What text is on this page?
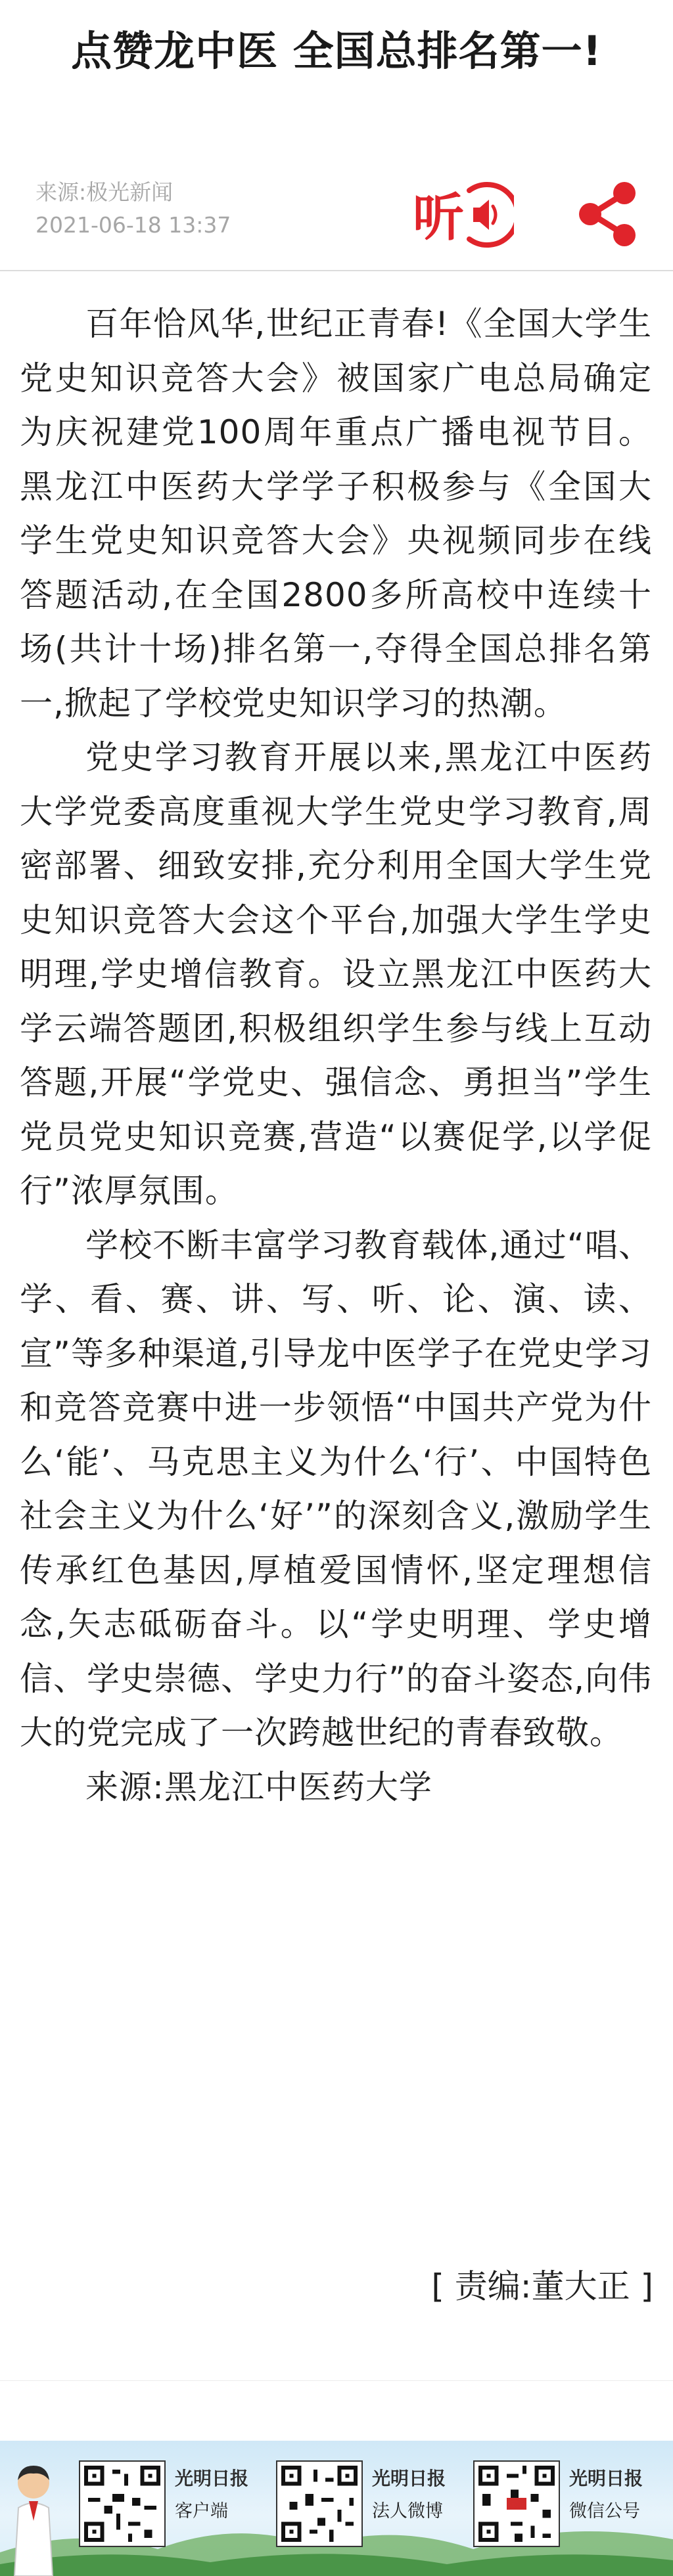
点赞龙中医 全国总排名第一!
来源:极光新闻
2021-06-18 13:37	听

百年恰风华,世纪正青春!《全国大学生党史知识竞答大会》被国家广电总局确定为庆祝建党100周年重点广播电视节目。黑龙江中医药大学学子积极参与《全国大学生党史知识竞答大会》央视频同步在线答题活动,在全国2800多所高校中连续十场(共计十场)排名第一,夺得全国总排名第一,掀起了学校党史知识学习的热潮。

党史学习教育开展以来,黑龙江中医药大学党委高度重视大学生党史学习教育,周密部署、细致安排,充分利用全国大学生党史知识竞答大会这个平台,加强大学生学史明理,学史增信教育。设立黑龙江中医药大学云端答题团,积极组织学生参与线上互动答题,开展“学党史、强信念、勇担当”学生党员党史知识竞赛,营造“以赛促学,以学促行”浓厚氛围。

学校不断丰富学习教育载体,通过“唱、学、看、赛、讲、写、听、论、演、读、宣”等多种渠道,引导龙中医学子在党史学习和竞答竞赛中进一步领悟“中国共产党为什么‘能’、马克思主义为什么‘行’、中国特色社会主义为什么‘好’”的深刻含义,激励学生传承红色基因,厚植爱国情怀,坚定理想信念,矢志砥砺奋斗。以“学史明理、学史增信、学史崇德、学史力行”的奋斗姿态,向伟大的党完成了一次跨越世纪的青春致敬。

来源:黑龙江中医药大学

[ 责编:董大正 ]
光明日报
客户端
光明日报
法人微博
光明日报
微信公号
